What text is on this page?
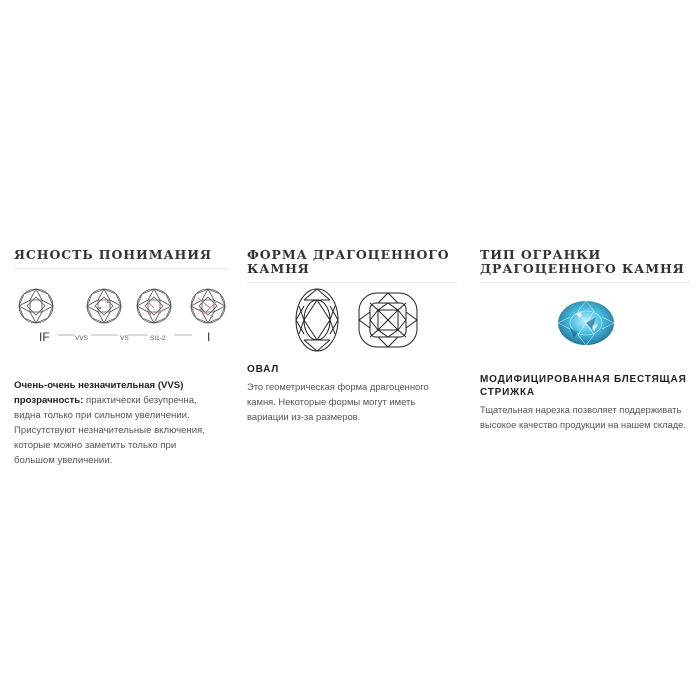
ЯСНОСТЬ ПОНИМАНИЯ
IF	VVS	VS	SI1-2	I

Очень-очень незначительная (VVS) прозрачность: практически безупречна, видна только при сильном увеличении. Присутствуют незначительные включения, которые можно заметить только при большом увеличении.

ФОРМА ДРАГОЦЕННОГО КАМНЯ
ОВАЛ

Это геометрическая форма драгоценного камня. Некоторые формы могут иметь вариации из-за размеров.

ТИП ОГРАНКИ ДРАГОЦЕННОГО КАМНЯ
МОДИФИЦИРОВАННАЯ БЛЕСТЯЩАЯ СТРИЖКА

Тщательная нарезка позволяет поддерживать высокое качество продукции на нашем складе.
